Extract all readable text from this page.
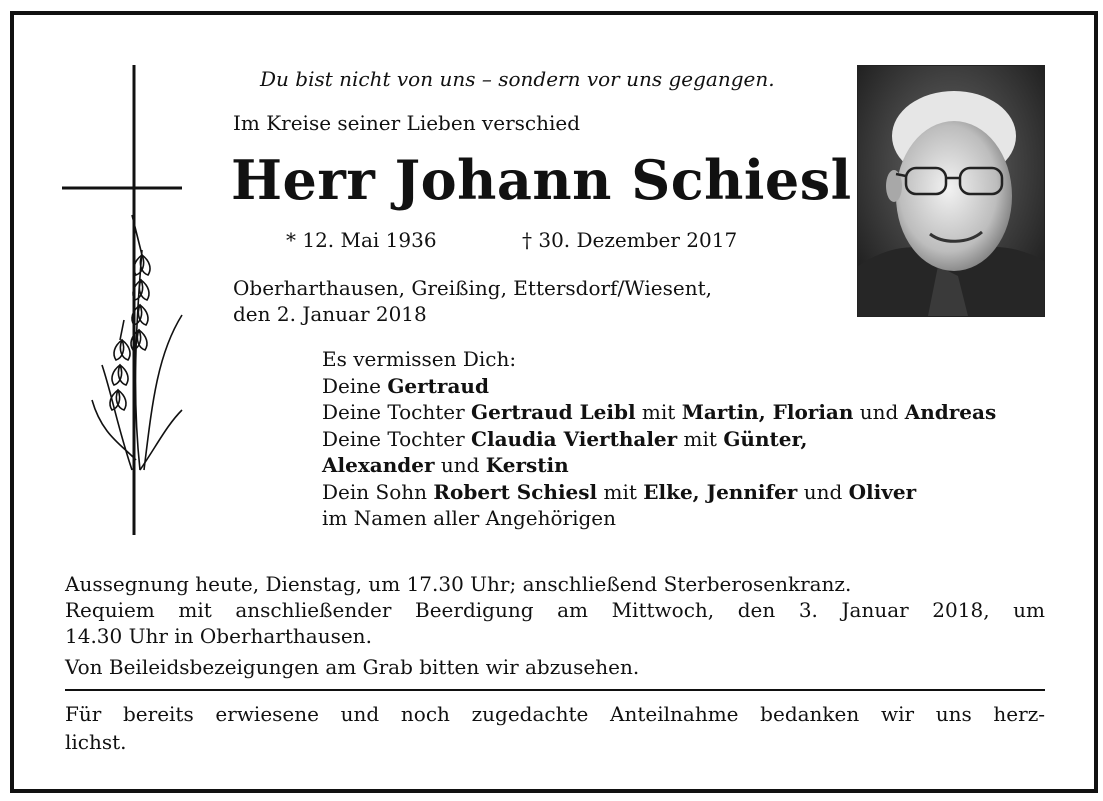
Du bist nicht von uns – sondern vor uns gegangen.
Im Kreise seiner Lieben verschied
Herr Johann Schiesl
* 12. Mai 1936	† 30. Dezember 2017
Oberharthausen, Greißing, Ettersdorf/Wiesent,
den 2. Januar 2018
Es vermissen Dich:
Deine Gertraud
Deine Tochter Gertraud Leibl mit Martin, Florian und Andreas
Deine Tochter Claudia Vierthaler mit Günter,
Alexander und Kerstin
Dein Sohn Robert Schiesl mit Elke, Jennifer und Oliver
im Namen aller Angehörigen
Aussegnung heute, Dienstag, um 17.30 Uhr; anschließend Sterberosenkranz.
Requiem mit anschließender Beerdigung am Mittwoch, den 3. Januar 2018, um
14.30 Uhr in Oberharthausen.
Von Beileidsbezeigungen am Grab bitten wir abzusehen.
Für bereits erwiesene und noch zugedachte Anteilnahme bedanken wir uns herz-
lichst.
